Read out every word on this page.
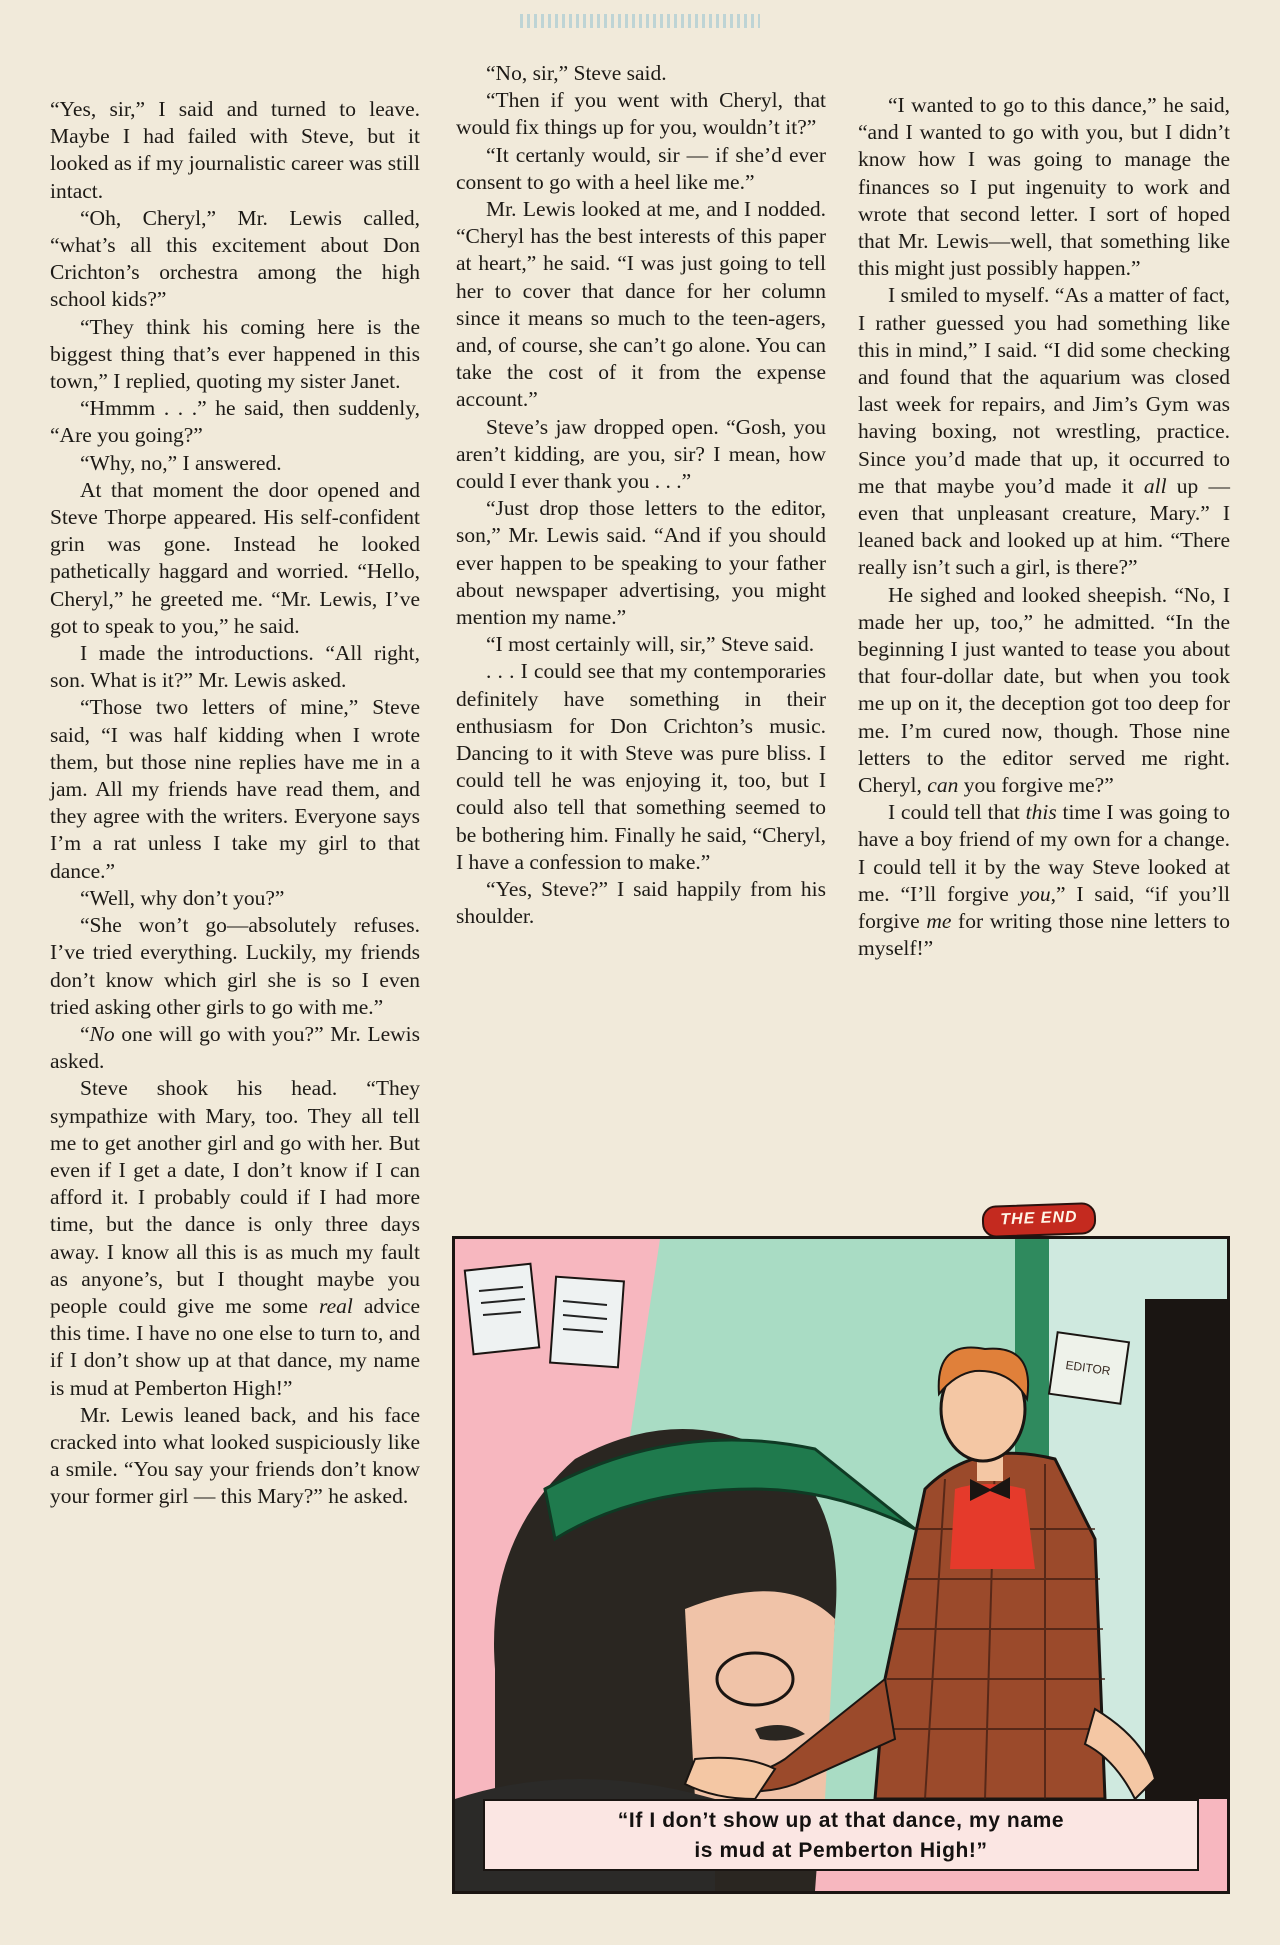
“Yes, sir,” I said and turned to leave. Maybe I had failed with Steve, but it looked as if my journalistic career was still intact.

“Oh, Cheryl,” Mr. Lewis called, “what’s all this excitement about Don Crichton’s orchestra among the high school kids?”

“They think his coming here is the biggest thing that’s ever happened in this town,” I replied, quoting my sister Janet.

“Hmmm . . .” he said, then suddenly, “Are you going?”

“Why, no,” I answered.

At that moment the door opened and Steve Thorpe appeared. His self-confident grin was gone. Instead he looked pathetically haggard and worried. “Hello, Cheryl,” he greeted me. “Mr. Lewis, I’ve got to speak to you,” he said.

I made the introductions. “All right, son. What is it?” Mr. Lewis asked.

“Those two letters of mine,” Steve said, “I was half kidding when I wrote them, but those nine replies have me in a jam. All my friends have read them, and they agree with the writers. Everyone says I’m a rat unless I take my girl to that dance.”

“Well, why don’t you?”

“She won’t go—absolutely refuses. I’ve tried everything. Luckily, my friends don’t know which girl she is so I even tried asking other girls to go with me.”

“No one will go with you?” Mr. Lewis asked.

Steve shook his head. “They sympathize with Mary, too. They all tell me to get another girl and go with her. But even if I get a date, I don’t know if I can afford it. I probably could if I had more time, but the dance is only three days away. I know all this is as much my fault as anyone’s, but I thought maybe you people could give me some real advice this time. I have no one else to turn to, and if I don’t show up at that dance, my name is mud at Pemberton High!”

Mr. Lewis leaned back, and his face cracked into what looked suspiciously like a smile. “You say your friends don’t know your former girl — this Mary?” he asked.

“No, sir,” Steve said.

“Then if you went with Cheryl, that would fix things up for you, wouldn’t it?”

“It certanly would, sir — if she’d ever consent to go with a heel like me.”

Mr. Lewis looked at me, and I nodded. “Cheryl has the best interests of this paper at heart,” he said. “I was just going to tell her to cover that dance for her column since it means so much to the teen-agers, and, of course, she can’t go alone. You can take the cost of it from the expense account.”

Steve’s jaw dropped open. “Gosh, you aren’t kidding, are you, sir? I mean, how could I ever thank you . . .”

“Just drop those letters to the editor, son,” Mr. Lewis said. “And if you should ever happen to be speaking to your father about newspaper advertising, you might mention my name.”

“I most certainly will, sir,” Steve said.

. . . I could see that my contemporaries definitely have something in their enthusiasm for Don Crichton’s music. Dancing to it with Steve was pure bliss. I could tell he was enjoying it, too, but I could also tell that something seemed to be bothering him. Finally he said, “Cheryl, I have a confession to make.”

“Yes, Steve?” I said happily from his shoulder.

“I wanted to go to this dance,” he said, “and I wanted to go with you, but I didn’t know how I was going to manage the finances so I put ingenuity to work and wrote that second letter. I sort of hoped that Mr. Lewis—well, that something like this might just possibly happen.”

I smiled to myself. “As a matter of fact, I rather guessed you had something like this in mind,” I said. “I did some checking and found that the aquarium was closed last week for repairs, and Jim’s Gym was having boxing, not wrestling, practice. Since you’d made that up, it occurred to me that maybe you’d made it all up — even that unpleasant creature, Mary.” I leaned back and looked up at him. “There really isn’t such a girl, is there?”

He sighed and looked sheepish. “No, I made her up, too,” he admitted. “In the beginning I just wanted to tease you about that four-dollar date, but when you took me up on it, the deception got too deep for me. I’m cured now, though. Those nine letters to the editor served me right. Cheryl, can you forgive me?”

I could tell that this time I was going to have a boy friend of my own for a change. I could tell it by the way Steve looked at me. “I’ll forgive you,” I said, “if you’ll forgive me for writing those nine letters to myself!”

THE END
EDITOR
“If I don’t show up at that dance, my name
is mud at Pemberton High!”
